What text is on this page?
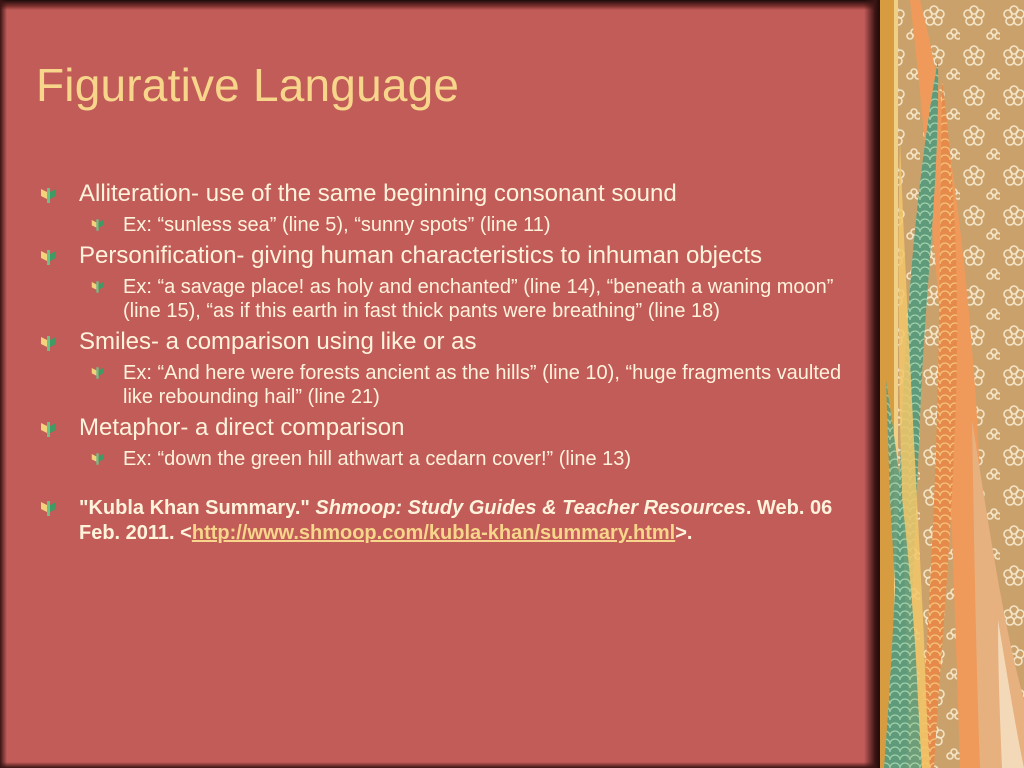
Figurative Language
Alliteration- use of the same beginning consonant sound
Ex: “sunless sea” (line 5), “sunny spots” (line 11)
Personification- giving human characteristics to inhuman objects
Ex: “a savage place! as holy and enchanted” (line 14), “beneath a waning moon” (line 15), “as if this earth in fast thick pants were breathing” (line 18)
Smiles- a comparison using like or as
Ex: “And here were forests ancient as the hills” (line 10), “huge fragments vaulted like rebounding hail” (line 21)
Metaphor- a direct comparison
Ex: “down the green hill athwart a cedarn cover!” (line 13)
"Kubla Khan Summary." Shmoop: Study Guides & Teacher Resources. Web. 06 Feb. 2011. <http://www.shmoop.com/kubla-khan/summary.html>.
